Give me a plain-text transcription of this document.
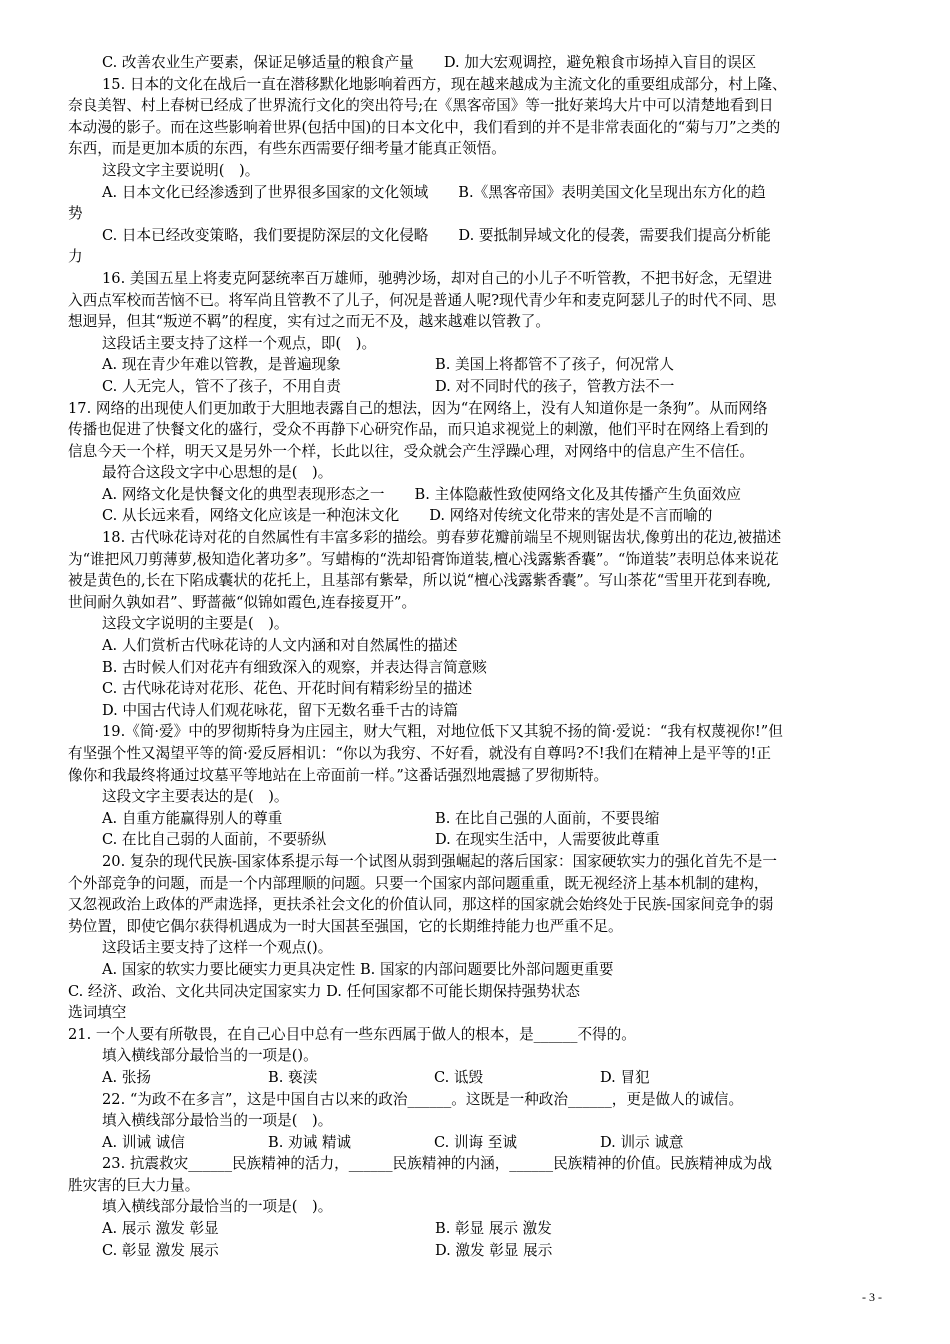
C. 改善农业生产要素，保证足够适量的粮食产量 D. 加大宏观调控，避免粮食市场掉入盲目的误区
15. 日本的文化在战后一直在潜移默化地影响着西方，现在越来越成为主流文化的重要组成部分，村上隆、
奈良美智、村上春树已经成了世界流行文化的突出符号;在《黑客帝国》等一批好莱坞大片中可以清楚地看到日
本动漫的影子。而在这些影响着世界(包括中国)的日本文化中，我们看到的并不是非常表面化的“菊与刀”之类的
东西，而是更加本质的东西，有些东西需要仔细考量才能真正领悟。
这段文字主要说明(　)。
A. 日本文化已经渗透到了世界很多国家的文化领域 B.《黑客帝国》表明美国文化呈现出东方化的趋
势
C. 日本已经改变策略，我们要提防深层的文化侵略 D. 要抵制异域文化的侵袭，需要我们提高分析能
力
16. 美国五星上将麦克阿瑟统率百万雄师，驰骋沙场，却对自己的小儿子不听管教，不把书好念，无望进
入西点军校而苦恼不已。将军尚且管教不了儿子，何况是普通人呢?现代青少年和麦克阿瑟儿子的时代不同、思
想迥异，但其“叛逆不羁”的程度，实有过之而无不及，越来越难以管教了。
这段话主要支持了这样一个观点，即(　)。
A. 现在青少年难以管教，是普遍现象	B. 美国上将都管不了孩子，何况常人
C. 人无完人，管不了孩子，不用自责	D. 对不同时代的孩子，管教方法不一
17. 网络的出现使人们更加敢于大胆地表露自己的想法，因为“在网络上，没有人知道你是一条狗”。从而网络
传播也促进了快餐文化的盛行，受众不再静下心研究作品，而只追求视觉上的刺激，他们平时在网络上看到的
信息今天一个样，明天又是另外一个样，长此以往，受众就会产生浮躁心理，对网络中的信息产生不信任。
最符合这段文字中心思想的是(　)。
A. 网络文化是快餐文化的典型表现形态之一 B. 主体隐蔽性致使网络文化及其传播产生负面效应
C. 从长远来看，网络文化应该是一种泡沫文化 D. 网络对传统文化带来的害处是不言而喻的
18. 古代咏花诗对花的自然属性有丰富多彩的描绘。剪春萝花瓣前端呈不规则锯齿状,像剪出的花边,被描述
为“谁把风刀剪薄萝,极知造化著功多”。写蜡梅的“洗却铅膏饰道装,檀心浅露紫香囊”。“饰道装”表明总体来说花
被是黄色的,长在下陷成囊状的花托上，且基部有紫晕，所以说“檀心浅露紫香囊”。写山茶花“雪里开花到春晚,
世间耐久孰如君”、野蔷薇“似锦如霞色,连春接夏开”。
这段文字说明的主要是(　)。
A. 人们赏析古代咏花诗的人文内涵和对自然属性的描述
B. 古时候人们对花卉有细致深入的观察，并表达得言简意赅
C. 古代咏花诗对花形、花色、开花时间有精彩纷呈的描述
D. 中国古代诗人们观花咏花，留下无数名垂千古的诗篇
19.《简·爱》中的罗彻斯特身为庄园主，财大气粗，对地位低下又其貌不扬的简·爱说：“我有权蔑视你!”但
有坚强个性又渴望平等的简·爱反唇相讥：“你以为我穷、不好看，就没有自尊吗?不!我们在精神上是平等的!正
像你和我最终将通过坟墓平等地站在上帝面前一样。”这番话强烈地震撼了罗彻斯特。
这段文字主要表达的是(　)。
A. 自重方能赢得别人的尊重	B. 在比自己强的人面前，不要畏缩
C. 在比自己弱的人面前，不要骄纵	D. 在现实生活中，人需要彼此尊重
20. 复杂的现代民族-国家体系提示每一个试图从弱到强崛起的落后国家：国家硬软实力的强化首先不是一
个外部竞争的问题，而是一个内部理顺的问题。只要一个国家内部问题重重，既无视经济上基本机制的建构，
又忽视政治上政体的严肃选择，更扶杀社会文化的价值认同，那这样的国家就会始终处于民族-国家间竞争的弱
势位置，即使它偶尔获得机遇成为一时大国甚至强国，它的长期维持能力也严重不足。
这段话主要支持了这样一个观点()。
A. 国家的软实力要比硬实力更具决定性 B. 国家的内部问题要比外部问题更重要
C. 经济、政治、文化共同决定国家实力 D. 任何国家都不可能长期保持强势状态
选词填空
21. 一个人要有所敬畏，在自己心目中总有一些东西属于做人的根本，是______不得的。
填入横线部分最恰当的一项是()。
A. 张扬	B. 亵渎	C. 诋毁	D. 冒犯
22. “为政不在多言”，这是中国自古以来的政治______。这既是一种政治______，更是做人的诚信。
填入横线部分最恰当的一项是(　)。
A. 训诫 诚信	B. 劝诫 精诚	C. 训诲 至诚	D. 训示 诚意
23. 抗震救灾______民族精神的活力，______民族精神的内涵，______民族精神的价值。民族精神成为战
胜灾害的巨大力量。
填入横线部分最恰当的一项是(　)。
A. 展示 激发 彰显	B. 彰显 展示 激发
C. 彰显 激发 展示	D. 激发 彰显 展示
- 3 -
